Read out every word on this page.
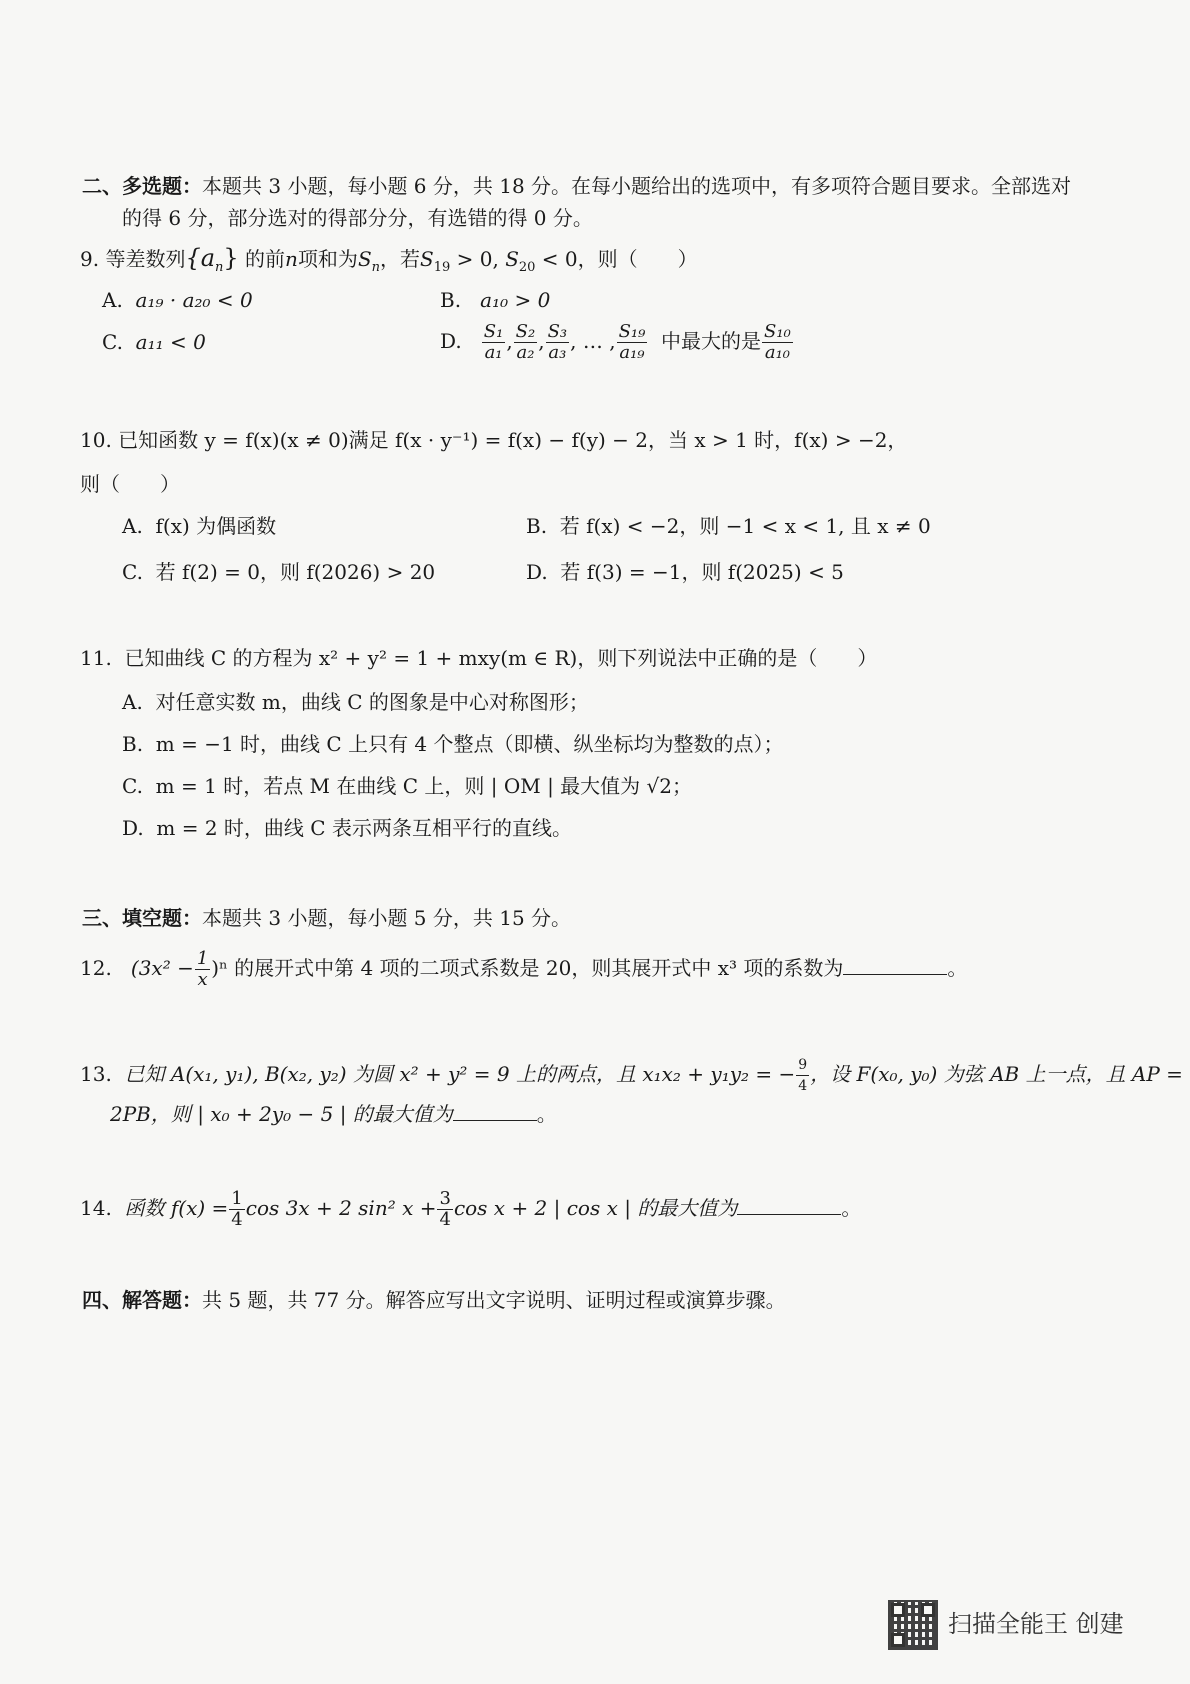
二、多选题：本题共 3 小题，每小题 6 分，共 18 分。在每小题给出的选项中，有多项符合题目要求。全部选对
的得 6 分，部分选对的得部分分，有选错的得 0 分。
9. 等差数列$\{a_n\}$ 的前n项和为$S_n$，若$S_{19} > 0$, $S_{20} < 0$，则（　　）
A. a₁₉ · a₂₀ < 0	B. a₁₀ > 0
C. a₁₁ < 0	D. $\frac{\text{S₁}}{\text{a₁}}$ , $\frac{\text{S₂}}{\text{a₂}}$ , $\frac{\text{S₃}}{\text{a₃}}$ , … , $\frac{\text{S₁₉}}{\text{a₁₉}}$ 中最大的是 $\frac{\text{S₁₀}}{\text{a₁₀}}$
10. 已知函数 y = f(x)(x ≠ 0)满足 f(x · y⁻¹) = f(x) − f(y) − 2，当 x > 1 时，f(x) > −2，
则（　　）
A. f(x) 为偶函数	B. 若 f(x) < −2，则 −1 < x < 1, 且 x ≠ 0
C. 若 f(2) = 0，则 f(2026) > 20	D. 若 f(3) = −1，则 f(2025) < 5
11. 已知曲线 C 的方程为 x² + y² = 1 + mxy(m ∈ R)，则下列说法中正确的是（　　）
A. 对任意实数 m，曲线 C 的图象是中心对称图形；
B. m = −1 时，曲线 C 上只有 4 个整点（即横、纵坐标均为整数的点）；
C. m = 1 时，若点 M 在曲线 C 上，则 | OM | 最大值为 √2；
D. m = 2 时，曲线 C 表示两条互相平行的直线。
三、填空题：本题共 3 小题，每小题 5 分，共 15 分。
12. $(3x^2 - \frac{1}{x} )^n$ 的展开式中第 4 项的二项式系数是 20，则其展开式中 x³ 项的系数为	。
13. 已知 A(x₁, y₁), B(x₂, y₂) 为圆 x² + y² = 9 上的两点，且 x₁x₂ + y₁y₂ = − $\frac{9}{4}$ ，设 F(x₀, y₀) 为弦 AB 上一点，且 AP =
2PB，则 | x₀ + 2y₀ − 5 | 的最大值为	。
14. 函数 $f(x) = \frac{1}{4}$ cos 3x + 2 sin² $x + \frac{3}{4}$ cos x + 2 | cos x | 的最大值为	。
四、解答题：共 5 题，共 77 分。解答应写出文字说明、证明过程或演算步骤。
扫描全能王 创建
